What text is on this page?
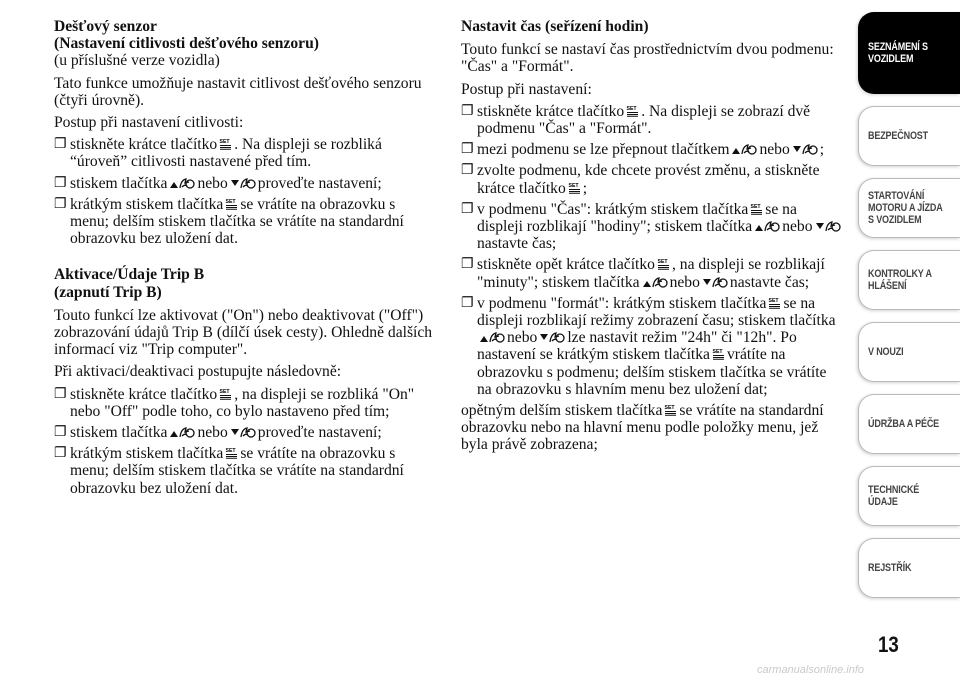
Dešťový senzor
(Nastavení citlivosti dešťového senzoru)

(u příslušné verze vozidla)

Tato funkce umožňuje nastavit citlivost dešťového senzoru (čtyři úrovně).

Postup při nastavení citlivosti:

❐ stiskněte krátce tlačítko SET . Na displeji se rozbliká “úroveň” citlivosti nastavené před tím.
❐ stiskem tlačítka nebo proveďte nastavení;
❐ krátkým stiskem tlačítka SET se vrátíte na obrazovku s menu; delším stiskem tlačítka se vrátíte na standardní obrazovku bez uložení dat.
Aktivace/Údaje Trip B
(zapnutí Trip B)

Touto funkcí lze aktivovat ("On") nebo deaktivovat ("Off") zobrazování údajů Trip B (dílčí úsek cesty). Ohledně dalších informací viz "Trip computer".

Při aktivaci/deaktivaci postupujte následovně:

❐ stiskněte krátce tlačítko SET , na displeji se rozbliká "On" nebo "Off" podle toho, co bylo nastaveno před tím;
❐ stiskem tlačítka nebo proveďte nastavení;
❐ krátkým stiskem tlačítka SET se vrátíte na obrazovku s menu; delším stiskem tlačítka se vrátíte na standardní obrazovku bez uložení dat.
Nastavit čas (seřízení hodin)

Touto funkcí se nastaví čas prostřednictvím dvou podmenu: "Čas" a "Formát".

Postup při nastavení:

❐ stiskněte krátce tlačítko SET . Na displeji se zobrazí dvě podmenu "Čas" a "Formát".
❐ mezi podmenu se lze přepnout tlačítkem nebo ;
❐ zvolte podmenu, kde chcete provést změnu, a stiskněte krátce tlačítko SET ;
❐ v podmenu "Čas": krátkým stiskem tlačítka SET se na displeji rozblikají "hodiny"; stiskem tlačítka nebonastavte čas;
❐ stiskněte opět krátce tlačítko SET , na displeji se rozblikají "minuty"; stiskem tlačítka nebo nastavte čas;
❐ v podmenu "formát": krátkým stiskem tlačítka SET se na displeji rozblikají režimy zobrazení času; stiskem tlačítkanebo lze nastavit režim "24h" či "12h". Po nastavení se krátkým stiskem tlačítka SET vrátíte na obrazovku s podmenu; delším stiskem tlačítka se vrátíte na obrazovku s hlavním menu bez uložení dat;

opětným delším stiskem tlačítka SET se vrátíte na standardní obrazovku nebo na hlavní menu podle položky menu, jež byla právě zobrazena;

SEZNÁMENÍ S
VOZIDLEM
BEZPEČNOST
STARTOVÁNÍ
MOTORU A JÍZDA
S VOZIDLEM
KONTROLKY A
HLÁŠENÍ
V NOUZI
ÚDRŽBA A PÉČE
TECHNICKÉ
ÚDAJE
REJSTŘÍK
13
carmanualsonline.info
